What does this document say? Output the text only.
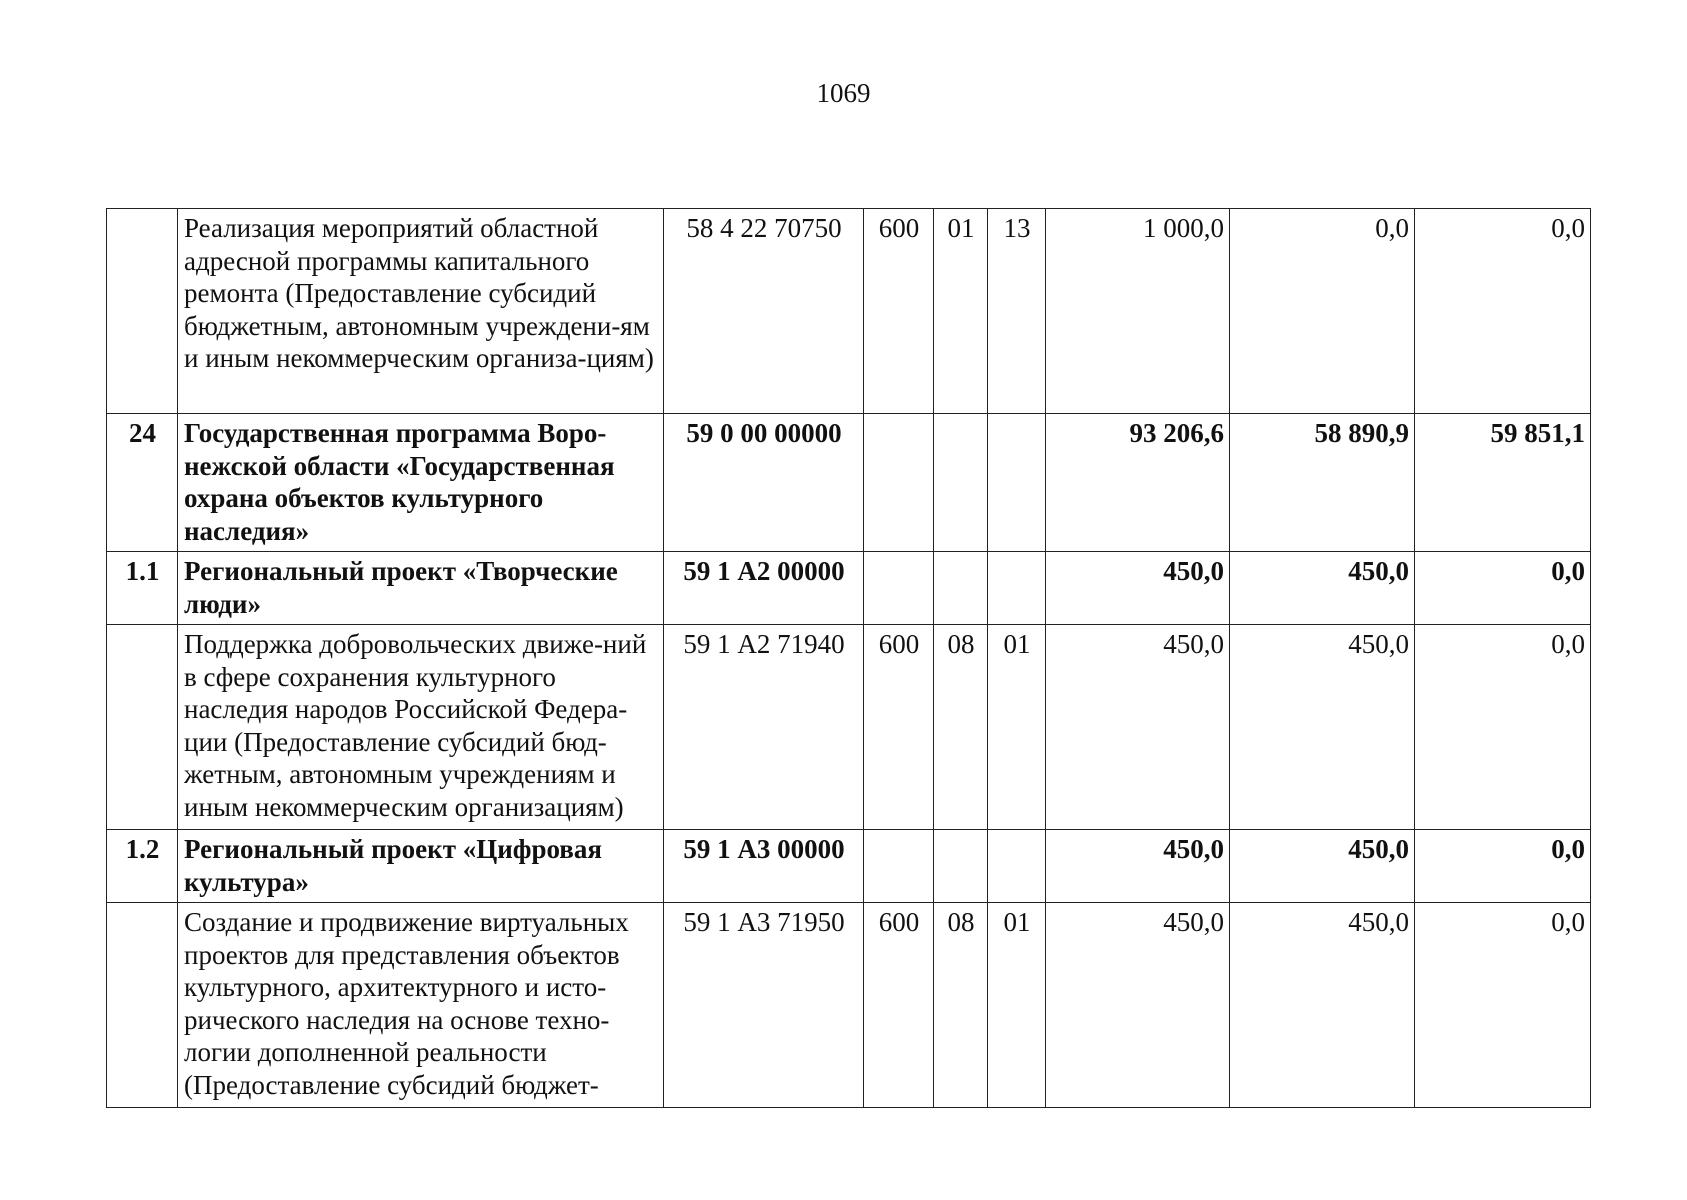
1069
	Реализация мероприятий областной адресной программы капитального ремонта (Предоставление субсидий бюджетным, автономным учреждени-ям и иным некоммерческим организа-циям)	58 4 22 70750	600	01	13	1 000,0	0,0	0,0
24	Государственная программа Воро-нежской области «Государственная охрана объектов культурного наследия»	59 0 00 00000				93 206,6	58 890,9	59 851,1
1.1	Региональный проект «Творческие люди»	59 1 А2 00000				450,0	450,0	0,0
	Поддержка добровольческих движе-ний в сфере сохранения культурного наследия народов Российской Федера-ции (Предоставление субсидий бюд-жетным, автономным учреждениям и иным некоммерческим организациям)	59 1 А2 71940	600	08	01	450,0	450,0	0,0
1.2	Региональный проект «Цифровая культура»	59 1 А3 00000				450,0	450,0	0,0
	Создание и продвижение виртуальных проектов для представления объектов культурного, архитектурного и исто-рического наследия на основе техно-логии дополненной реальности (Предоставление субсидий бюджет-	59 1 А3 71950	600	08	01	450,0	450,0	0,0
